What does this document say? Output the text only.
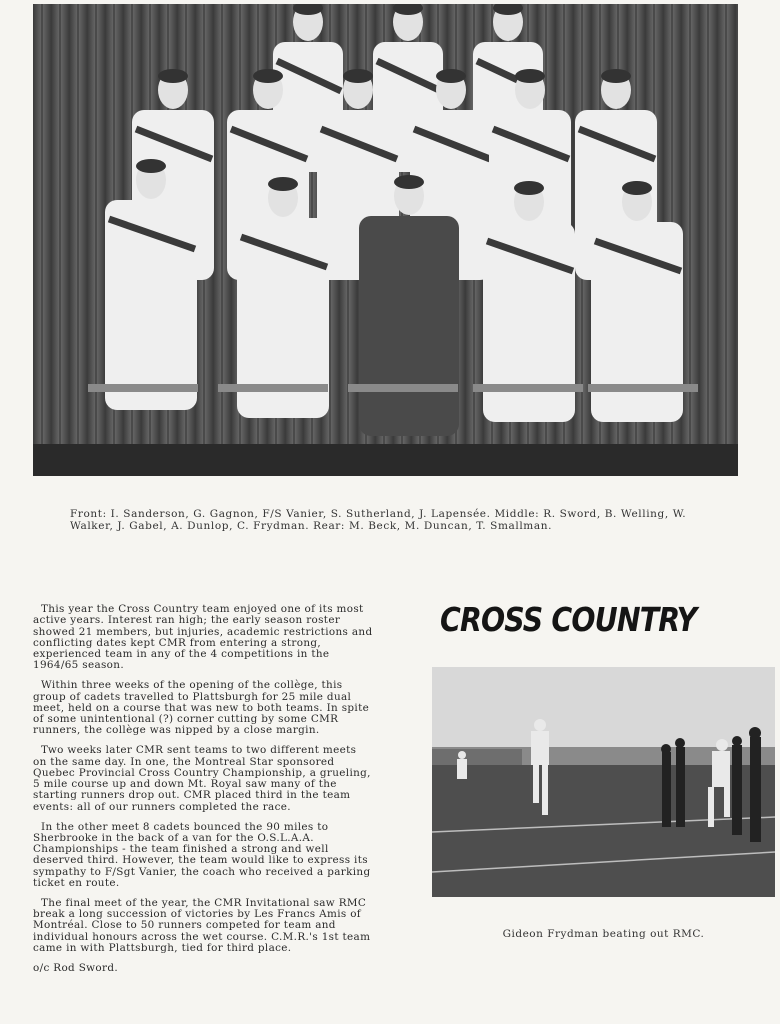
Front: I. Sanderson, G. Gagnon, F/S Vanier, S. Sutherland, J. Lapensée. Middle: R. Sword, B. Welling, W. Walker, J. Gabel, A. Dunlop, C. Frydman. Rear: M. Beck, M. Duncan, T. Smallman.

This year the Cross Country team enjoyed one of its most active years. Interest ran high; the early season roster showed 21 members, but injuries, academic restrictions and conflicting dates kept CMR from entering a strong, experienced team in any of the 4 competitions in the 1964/65 season.

Within three weeks of the opening of the collège, this group of cadets travelled to Plattsburgh for 25 mile dual meet, held on a course that was new to both teams. In spite of some unintentional (?) corner cutting by some CMR runners, the collège was nipped by a close margin.

Two weeks later CMR sent teams to two different meets on the same day. In one, the Montreal Star sponsored Quebec Provincial Cross Country Championship, a grueling, 5 mile course up and down Mt. Royal saw many of the starting runners drop out. CMR placed third in the team events: all of our runners completed the race.

In the other meet 8 cadets bounced the 90 miles to Sherbrooke in the back of a van for the O.S.L.A.A. Championships - the team finished a strong and well deserved third. However, the team would like to express its sympathy to F/Sgt Vanier, the coach who received a parking ticket en route.

The final meet of the year, the CMR Invitational saw RMC break a long succession of victories by Les Francs Amis of Montréal. Close to 50 runners competed for team and individual honours across the wet course. C.M.R.'s 1st team came in with Plattsburgh, tied for third place.

o/c Rod Sword.

CROSS COUNTRY

Gideon Frydman beating out RMC.
